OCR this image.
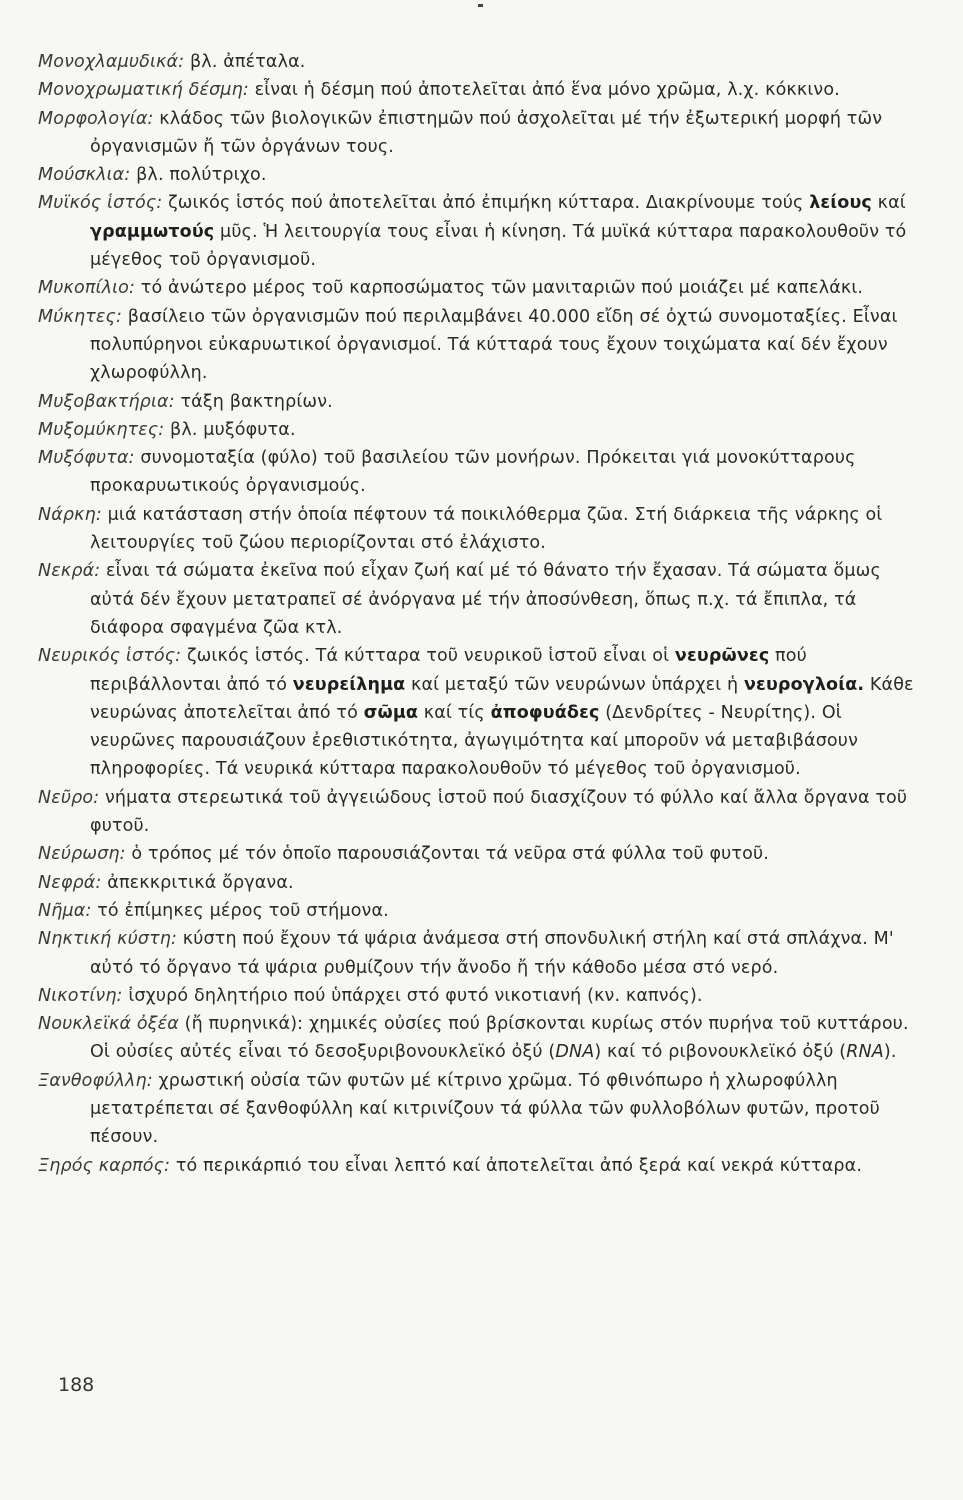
Μονοχλαμυδικά: βλ. ἀπέταλα.

Μονοχρωματική δέσμη: εἶναι ἡ δέσμη πού ἀποτελεῖται ἀπό ἕνα μόνο χρῶμα, λ.χ. κόκκινο.

Μορφολογία: κλάδος τῶν βιολογικῶν ἐπιστημῶν πού ἀσχολεῖται μέ τήν ἐξωτερική μορφή τῶν ὀργανισμῶν ἤ τῶν ὀργάνων τους.

Μούσκλια: βλ. πολύτριχο.

Μυϊκός ἱστός: ζωικός ἱστός πού ἀποτελεῖται ἀπό ἐπιμήκη κύτταρα. Διακρίνουμε τούς λείους καί γραμμωτούς μῦς. Ἡ λειτουργία τους εἶναι ἡ κίνηση. Τά μυϊκά κύτταρα παρακολουθοῦν τό μέγεθος τοῦ ὀργανισμοῦ.

Μυκοπίλιο: τό ἀνώτερο μέρος τοῦ καρποσώματος τῶν μανιταριῶν πού μοιάζει μέ καπελάκι.

Μύκητες: βασίλειο τῶν ὀργανισμῶν πού περιλαμβάνει 40.000 εἴδη σέ ὀχτώ συνομοταξίες. Εἶναι πολυπύρηνοι εὐκαρυωτικοί ὀργανισμοί. Τά κύτταρά τους ἔχουν τοιχώματα καί δέν ἔχουν χλωροφύλλη.

Μυξοβακτήρια: τάξη βακτηρίων.

Μυξομύκητες: βλ. μυξόφυτα.

Μυξόφυτα: συνομοταξία (φύλο) τοῦ βασιλείου τῶν μονήρων. Πρόκειται γιά μονοκύτταρους προκαρυωτικούς ὀργανισμούς.

Νάρκη: μιά κατάσταση στήν ὁποία πέφτουν τά ποικιλόθερμα ζῶα. Στή διάρκεια τῆς νάρκης οἱ λειτουργίες τοῦ ζώου περιορίζονται στό ἐλάχιστο.

Νεκρά: εἶναι τά σώματα ἐκεῖνα πού εἶχαν ζωή καί μέ τό θάνατο τήν ἔχασαν. Τά σώματα ὅμως αὐτά δέν ἔχουν μετατραπεῖ σέ ἀνόργανα μέ τήν ἀποσύνθεση, ὅπως π.χ. τά ἔπιπλα, τά διάφορα σφαγμένα ζῶα κτλ.

Νευρικός ἱστός: ζωικός ἱστός. Τά κύτταρα τοῦ νευρικοῦ ἱστοῦ εἶναι οἱ νευρῶνες πού περιβάλλονται ἀπό τό νευρείλημα καί μεταξύ τῶν νευρώνων ὑπάρχει ἡ νευρογλοία. Κάθε νευρώνας ἀποτελεῖται ἀπό τό σῶμα καί τίς ἀποφυάδες (Δενδρίτες - Νευρίτης). Οἱ νευρῶνες παρουσιάζουν ἐρεθιστικότητα, ἀγωγιμότητα καί μποροῦν νά μεταβιβάσουν πληροφορίες. Τά νευρικά κύτταρα παρακολουθοῦν τό μέγεθος τοῦ ὀργανισμοῦ.

Νεῦρο: νήματα στερεωτικά τοῦ ἀγγειώδους ἱστοῦ πού διασχίζουν τό φύλλο καί ἄλλα ὄργανα τοῦ φυτοῦ.

Νεύρωση: ὁ τρόπος μέ τόν ὁποῖο παρουσιάζονται τά νεῦρα στά φύλλα τοῦ φυτοῦ.

Νεφρά: ἀπεκκριτικά ὄργανα.

Νῆμα: τό ἐπίμηκες μέρος τοῦ στήμονα.

Νηκτική κύστη: κύστη πού ἔχουν τά ψάρια ἀνάμεσα στή σπονδυλική στήλη καί στά σπλάχνα. Μ' αὐτό τό ὄργανο τά ψάρια ρυθμίζουν τήν ἄνοδο ἤ τήν κάθοδο μέσα στό νερό.

Νικοτίνη: ἰσχυρό δηλητήριο πού ὑπάρχει στό φυτό νικοτιανή (κν. καπνός).

Νουκλεϊκά ὀξέα (ἤ πυρηνικά): χημικές οὐσίες πού βρίσκονται κυρίως στόν πυρήνα τοῦ κυττάρου. Οἱ οὐσίες αὐτές εἶναι τό δεσοξυριβονουκλεϊκό ὀξύ (DNA) καί τό ριβονουκλεϊκό ὀξύ (RNA).

Ξανθοφύλλη: χρωστική οὐσία τῶν φυτῶν μέ κίτρινο χρῶμα. Τό φθινόπωρο ἡ χλωροφύλλη μετατρέπεται σέ ξανθοφύλλη καί κιτρινίζουν τά φύλλα τῶν φυλλοβόλων φυτῶν, προτοῦ πέσουν.

Ξηρός καρπός: τό περικάρπιό του εἶναι λεπτό καί ἀποτελεῖται ἀπό ξερά καί νεκρά κύτταρα.

188
